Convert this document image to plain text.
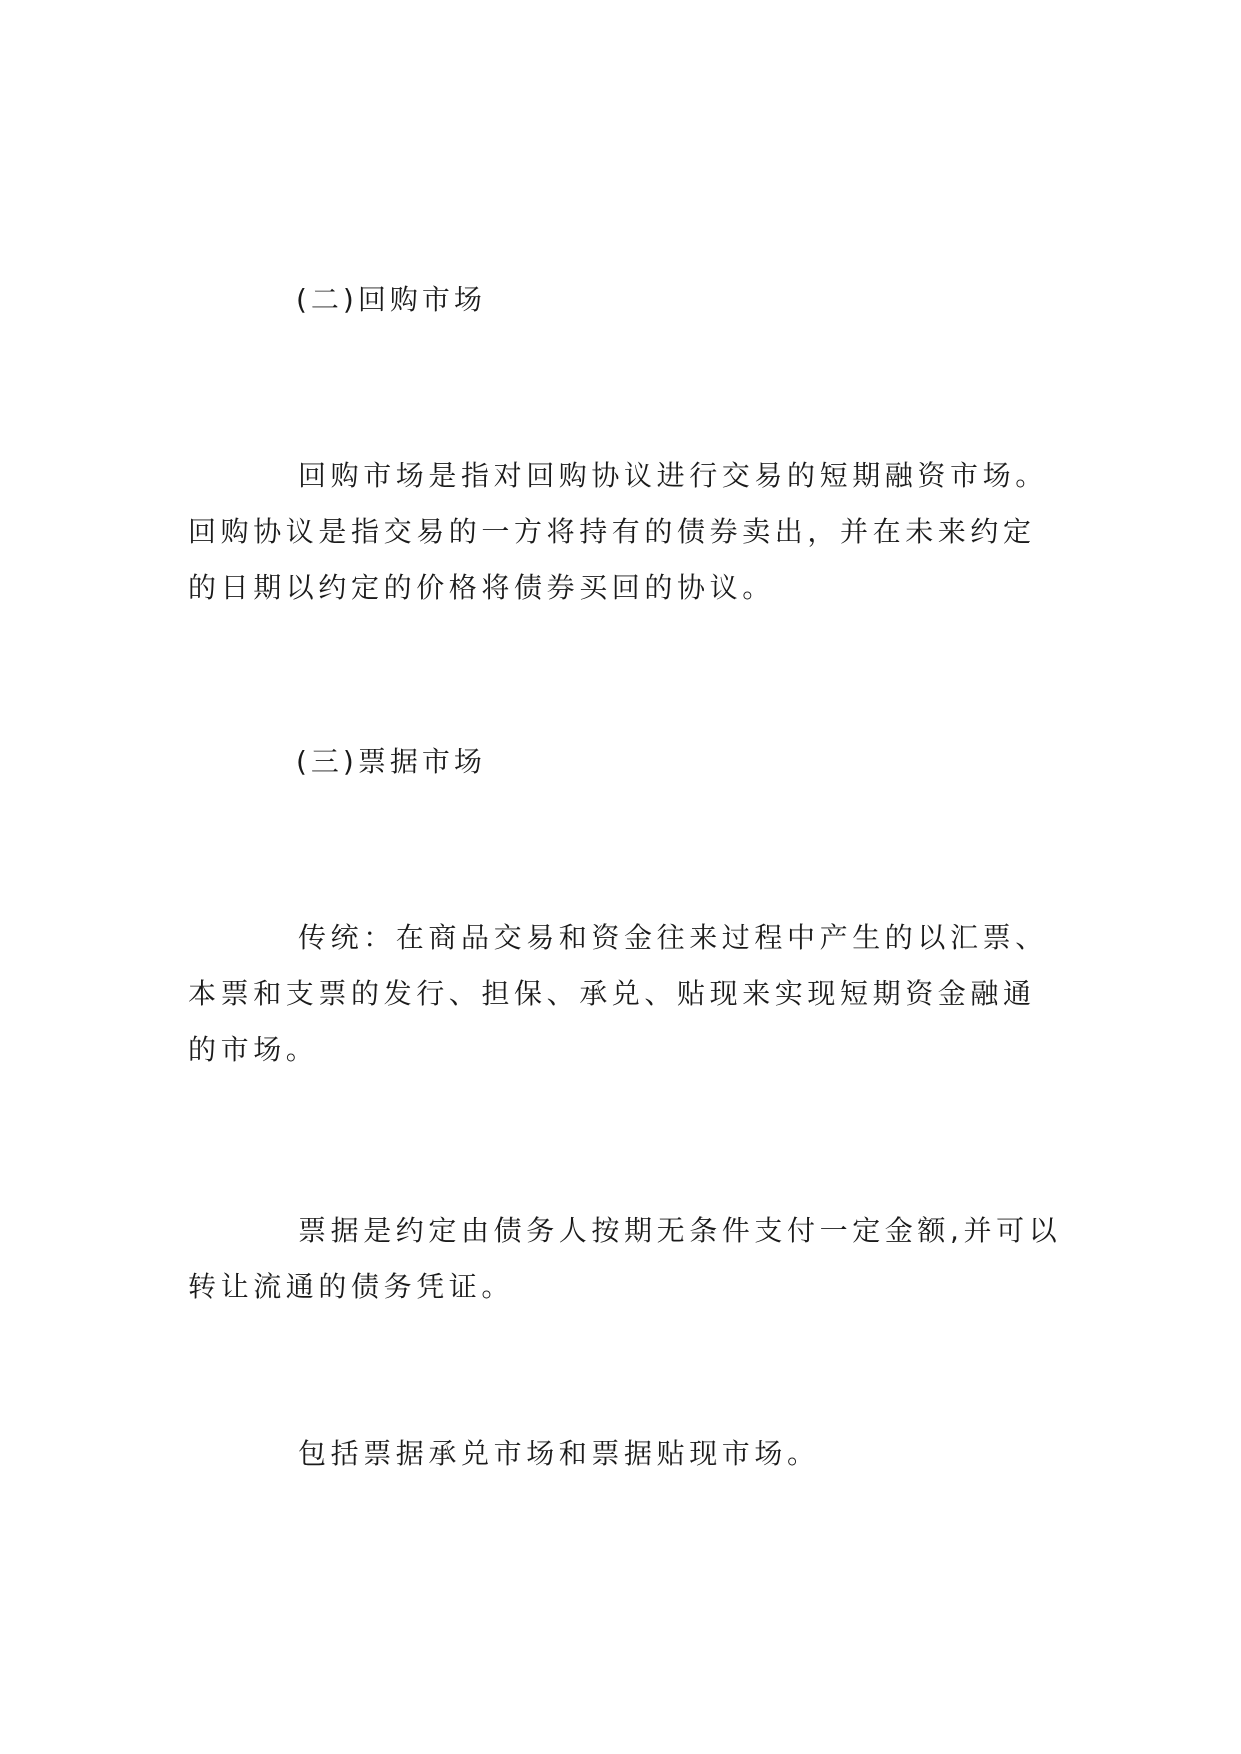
(二)回购市场
回购市场是指对回购协议进行交易的短期融资市场。回购协议是指交易的一方将持有的债券卖出，并在未来约定的日期以约定的价格将债券买回的协议。
(三)票据市场
传统：在商品交易和资金往来过程中产生的以汇票、本票和支票的发行、担保、承兑、贴现来实现短期资金融通的市场。
票据是约定由债务人按期无条件支付一定金额,并可以转让流通的债务凭证。
包括票据承兑市场和票据贴现市场。
